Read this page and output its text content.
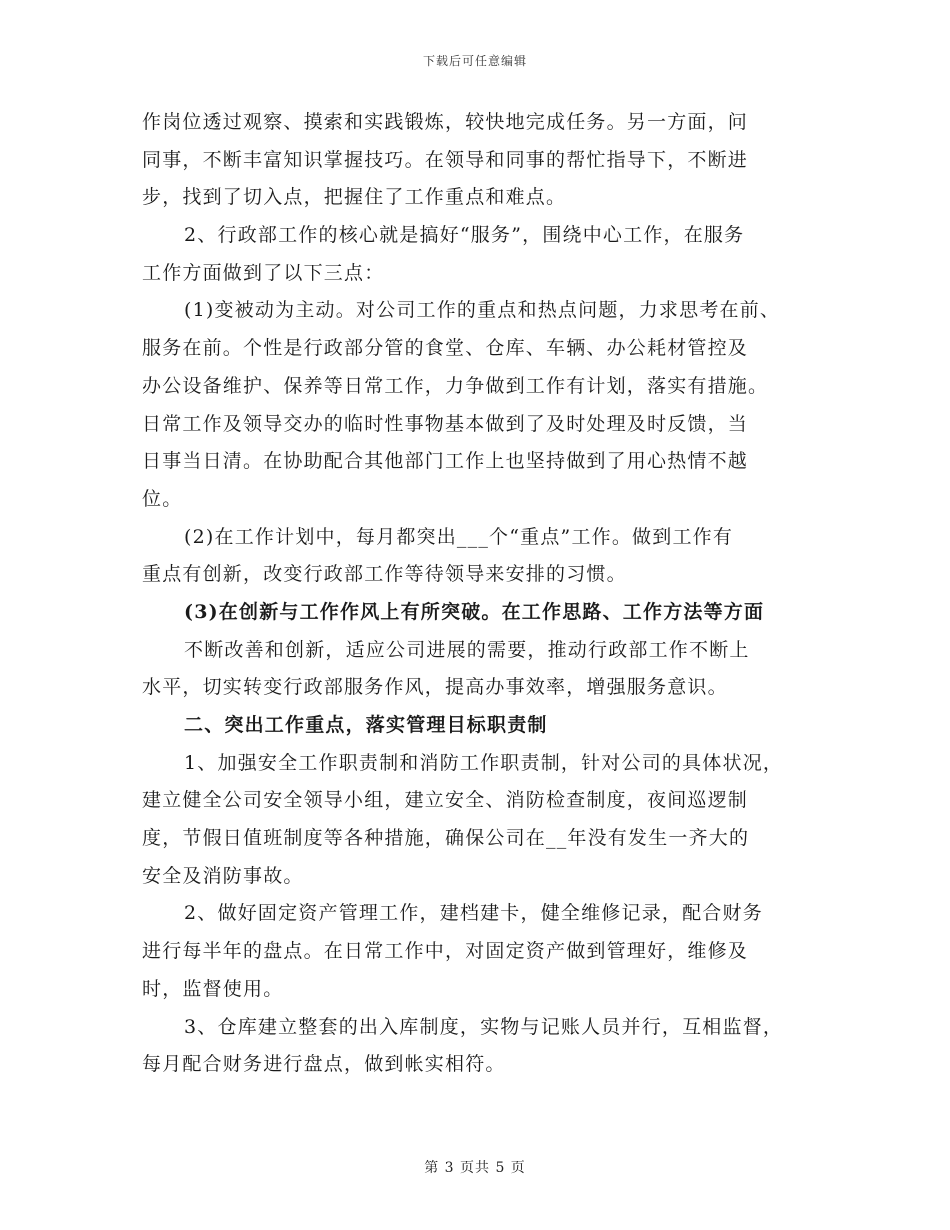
下载后可任意编辑
作岗位透过观察、摸索和实践锻炼，较快地完成任务。另一方面，问
同事，不断丰富知识掌握技巧。在领导和同事的帮忙指导下，不断进
步，找到了切入点，把握住了工作重点和难点。
2、行政部工作的核心就是搞好“服务”，围绕中心工作，在服务
工作方面做到了以下三点：
(1)变被动为主动。对公司工作的重点和热点问题，力求思考在前、
服务在前。个性是行政部分管的食堂、仓库、车辆、办公耗材管控及
办公设备维护、保养等日常工作，力争做到工作有计划，落实有措施。
日常工作及领导交办的临时性事物基本做到了及时处理及时反馈，当
日事当日清。在协助配合其他部门工作上也坚持做到了用心热情不越
位。
(2)在工作计划中，每月都突出___个“重点”工作。做到工作有
重点有创新，改变行政部工作等待领导来安排的习惯。
(3)在创新与工作作风上有所突破。在工作思路、工作方法等方面
不断改善和创新，适应公司进展的需要，推动行政部工作不断上
水平，切实转变行政部服务作风，提高办事效率，增强服务意识。
二、突出工作重点，落实管理目标职责制
1、加强安全工作职责制和消防工作职责制，针对公司的具体状况，
建立健全公司安全领导小组，建立安全、消防检查制度，夜间巡逻制
度，节假日值班制度等各种措施，确保公司在__年没有发生一齐大的
安全及消防事故。
2、做好固定资产管理工作，建档建卡，健全维修记录，配合财务
进行每半年的盘点。在日常工作中，对固定资产做到管理好，维修及
时，监督使用。
3、仓库建立整套的出入库制度，实物与记账人员并行，互相监督，
每月配合财务进行盘点，做到帐实相符。
第 3 页共 5 页
